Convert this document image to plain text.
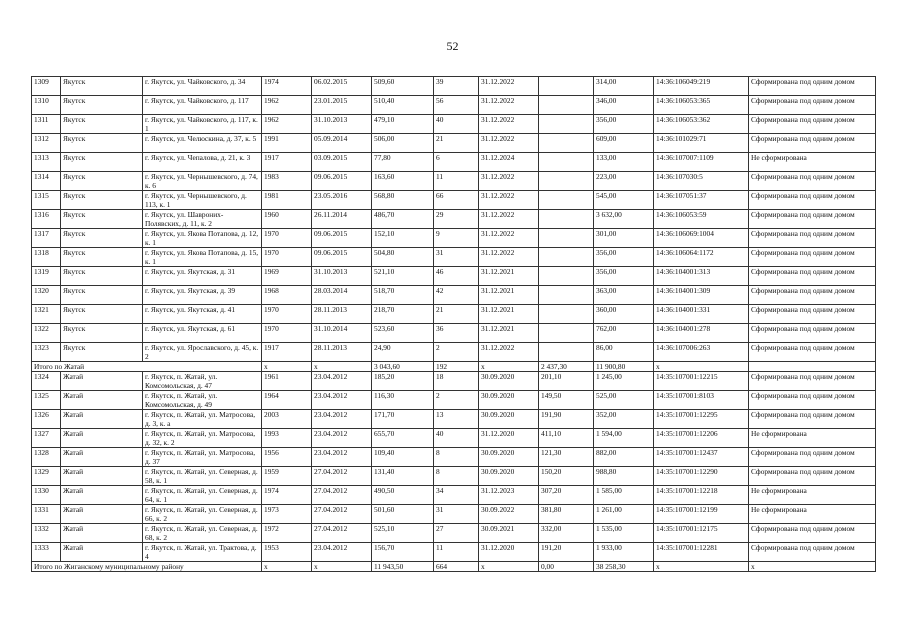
52
1309	Якутск	г. Якутск, ул. Чайковского, д. 34	1974	06.02.2015	509,60	39	31.12.2022		314,00	14:36:106049:219	Сформирована под одним домом
1310	Якутск	г. Якутск, ул. Чайковского, д. 117	1962	23.01.2015	510,40	56	31.12.2022		346,00	14:36:106053:365	Сформирована под одним домом
1311	Якутск	г. Якутск, ул. Чайковского, д. 117, к. 1	1962	31.10.2013	479,10	40	31.12.2022		356,00	14:36:106053:362	Сформирована под одним домом
1312	Якутск	г. Якутск, ул. Челюскина, д. 37, к. 5	1991	05.09.2014	506,00	21	31.12.2022		609,00	14:36:101029:71	Сформирована под одним домом
1313	Якутск	г. Якутск, ул. Чепалова, д. 21, к. 3	1917	03.09.2015	77,80	6	31.12.2024		133,00	14:36:107007:1109	Не сформирована
1314	Якутск	г. Якутск, ул. Чернышевского, д. 74, к. 6	1983	09.06.2015	163,60	11	31.12.2022		223,00	14:36:107030:5	Сформирована под одним домом
1315	Якутск	г. Якутск, ул. Чернышевского, д. 113, к. 1	1981	23.05.2016	568,80	66	31.12.2022		545,00	14:36:107051:37	Сформирована под одним домом
1316	Якутск	г. Якутск, ул. Шавроних-Полявских, д. 11, к. 2	1960	26.11.2014	486,70	29	31.12.2022		3 632,00	14:36:106053:59	Сформирована под одним домом
1317	Якутск	г. Якутск, ул. Якова Потапова, д. 12, к. 1	1970	09.06.2015	152,10	9	31.12.2022		301,00	14:36:106069:1004	Сформирована под одним домом
1318	Якутск	г. Якутск, ул. Якова Потапова, д. 15, к. 1	1970	09.06.2015	504,80	31	31.12.2022		356,00	14:36:106064:1172	Сформирована под одним домом
1319	Якутск	г. Якутск, ул. Якутская, д. 31	1969	31.10.2013	521,10	46	31.12.2021		356,00	14:36:104001:313	Сформирована под одним домом
1320	Якутск	г. Якутск, ул. Якутская, д. 39	1968	28.03.2014	518,70	42	31.12.2021		363,00	14:36:104001:309	Сформирована под одним домом
1321	Якутск	г. Якутск, ул. Якутская, д. 41	1970	28.11.2013	218,70	21	31.12.2021		360,00	14:36:104001:331	Сформирована под одним домом
1322	Якутск	г. Якутск, ул. Якутская, д. 61	1970	31.10.2014	523,60	36	31.12.2021		762,00	14:36:104001:278	Сформирована под одним домом
1323	Якутск	г. Якутск, ул. Ярославского, д. 45, к. 2	1917	28.11.2013	24,90	2	31.12.2022		86,00	14:36:107006:263	Сформирована под одним домом
Итого по Жатай			x	x	3 043,60	192	x	2 437,30	11 900,80	x	
1324	Жатай	г. Якутск, п. Жатай, ул. Комсомольская, д. 47	1961	23.04.2012	185,20	18	30.09.2020	201,10	1 245,00	14:35:107001:12215	Сформирована под одним домом
1325	Жатай	г. Якутск, п. Жатай, ул. Комсомольская, д. 49	1964	23.04.2012	116,30	2	30.09.2020	149,50	525,00	14:35:107001:8103	Сформирована под одним домом
1326	Жатай	г. Якутск, п. Жатай, ул. Матросова, д. 3, к. а	2003	23.04.2012	171,70	13	30.09.2020	191,90	352,00	14:35:107001:12295	Сформирована под одним домом
1327	Жатай	г. Якутск, п. Жатай, ул. Матросова, д. 32, к. 2	1993	23.04.2012	655,70	40	31.12.2020	411,10	1 594,00	14:35:107001:12206	Не сформирована
1328	Жатай	г. Якутск, п. Жатай, ул. Матросова, д. 37	1956	23.04.2012	109,40	8	30.09.2020	121,30	882,00	14:35:107001:12437	Сформирована под одним домом
1329	Жатай	г. Якутск, п. Жатай, ул. Северная, д. 58, к. 1	1959	27.04.2012	131,40	8	30.09.2020	150,20	988,80	14:35:107001:12290	Сформирована под одним домом
1330	Жатай	г. Якутск, п. Жатай, ул. Северная, д. 64, к. 1	1974	27.04.2012	490,50	34	31.12.2023	307,20	1 585,00	14:35:107001:12218	Не сформирована
1331	Жатай	г. Якутск, п. Жатай, ул. Северная, д. 66, к. 2	1973	27.04.2012	501,60	31	30.09.2022	381,80	1 261,00	14:35:107001:12199	Не сформирована
1332	Жатай	г. Якутск, п. Жатай, ул. Северная, д. 68, к. 2	1972	27.04.2012	525,10	27	30.09.2021	332,00	1 535,00	14:35:107001:12175	Сформирована под одним домом
1333	Жатай	г. Якутск, п. Жатай, ул. Трактова, д. 4	1953	23.04.2012	156,70	11	31.12.2020	191,20	1 933,00	14:35:107001:12281	Сформирована под одним домом
Итого по Жиганскому муниципальному району			x	x	11 943,50	664	x	0,00	38 258,30	x	x
